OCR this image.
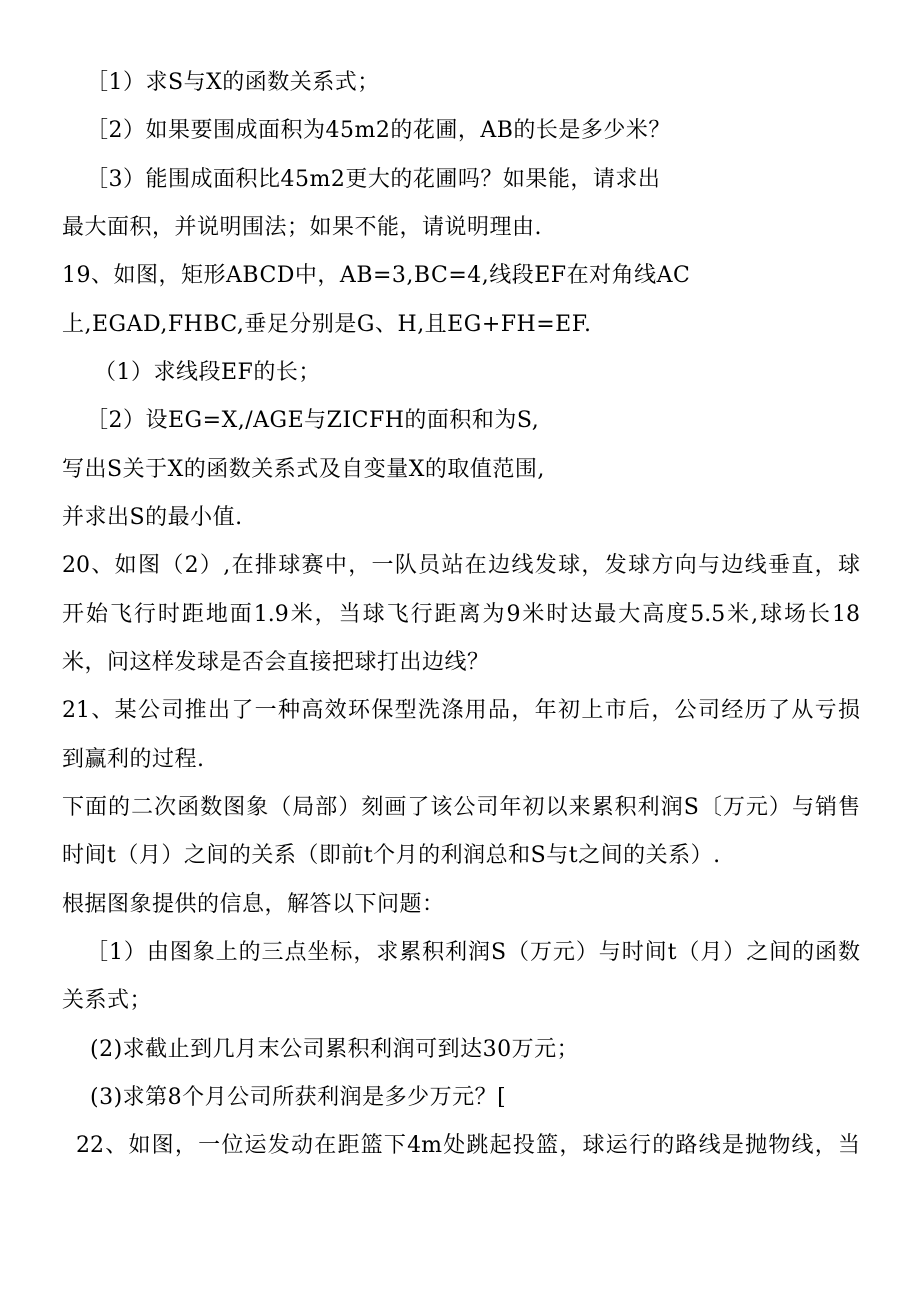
［1）求S与X的函数关系式；
［2）如果要围成面积为45m2的花圃，AB的长是多少米？
［3）能围成面积比45m2更大的花圃吗？如果能，请求出
最大面积，并说明围法；如果不能，请说明理由.
19、如图，矩形ABCD中，AB=3,BC=4,线段EF在对角线AC
上,EGAD,FHBC,垂足分别是G、H,且EG+FH=EF.
（1）求线段EF的长；
［2）设EG=X,/AGE与ZICFH的面积和为S,
写出S关于X的函数关系式及自变量X的取值范围,
并求出S的最小值.
20、如图（2）,在排球赛中，一队员站在边线发球，发球方向与边线垂直，球
开始飞行时距地面1.9米，当球飞行距离为9米时达最大高度5.5米,球场长18
米，问这样发球是否会直接把球打出边线？
21、某公司推出了一种高效环保型洗涤用品，年初上市后，公司经历了从亏损
到赢利的过程.
下面的二次函数图象（局部）刻画了该公司年初以来累积利润S〔万元）与销售
时间t（月）之间的关系（即前t个月的利润总和S与t之间的关系）.
根据图象提供的信息，解答以下问题：
［1）由图象上的三点坐标，求累积利润S（万元）与时间t（月）之间的函数
关系式；
(2)求截止到几月末公司累积利润可到达30万元；
(3)求第8个月公司所获利润是多少万元？[
22、如图，一位运发动在距篮下4m处跳起投篮，球运行的路线是抛物线，当
